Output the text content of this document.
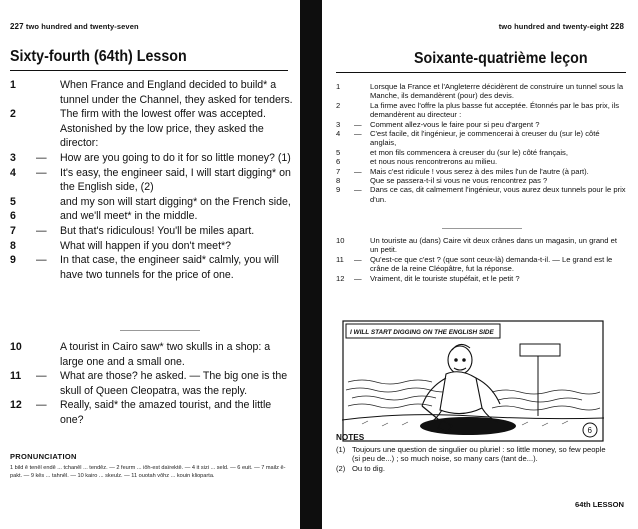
227 two hundred and twenty-seven
Sixty-fourth (64th) Lesson
1	When France and England decided to build* a tunnel under the Channel, they asked for tenders.
2	The firm with the lowest offer was accepted. Astonished by the low price, they asked the director:
3	—	How are you going to do it for so little money? (1)
4	—	It's easy, the engineer said, I will start digging* on the English side, (2)
5	and my son will start digging* on the French side,
6	and we'll meet* in the middle.
7	—	But that's ridiculous! You'll be miles apart.
8	What will happen if you don't meet*?
9	—	In that case, the engineer said* calmly, you will have two tunnels for the price of one.
10	A tourist in Cairo saw* two skulls in a shop: a large one and a small one.
11	—	What are those? he asked. — The big one is the skull of Queen Cleopatra, was the reply.
12	—	Really, said* the amazed tourist, and the little one?
PRONUNCIATION
1 bild ê tenêl endê ... tchanêl ... tendêz. — 2 feurm ... iôh-est daïrektê. — 4 it sizi ... seld. — 6 euit. — 7 mailz ê-pakt. — 9 kês ... tahnêl. — 10 kairo ... skeulz. — 11 ouotah vôhz ... kouin klioparta.
two hundred and twenty-eight 228
Soixante-quatrième leçon
1	Lorsque la France et l'Angleterre décidèrent de construire un tunnel sous la Manche, ils demandèrent (pour) des devis.
2	La firme avec l'offre la plus basse fut acceptée. Étonnés par le bas prix, ils demandèrent au directeur :
3	—	Comment allez-vous le faire pour si peu d'argent ?
4	—	C'est facile, dit l'ingénieur, je commencerai à creuser du (sur le) côté anglais,
5	et mon fils commencera à creuser du (sur le) côté français,
6	et nous nous rencontrerons au milieu.
7	—	Mais c'est ridicule ! vous serez à des miles l'un de l'autre (à part).
8	Que se passera-t-il si vous ne vous rencontrez pas ?
9	—	Dans ce cas, dit calmement l'ingénieur, vous aurez deux tunnels pour le prix d'un.
10	Un touriste au (dans) Caire vit deux crânes dans un magasin, un grand et un petit.
11	—	Qu'est-ce que c'est ? (que sont ceux-là) demanda-t-il. — Le grand est le crâne de la reine Cléopâtre, fut la réponse.
12	—	Vraiment, dit le touriste stupéfait, et le petit ?
I WILL START DIGGING ON THE ENGLISH SIDE
6
NOTES
(1) Toujours une question de singulier ou pluriel : so little money, so few people (si peu de...) ; so much noise, so many cars (tant de...).
(2) Ou to dig.
64th LESSON
